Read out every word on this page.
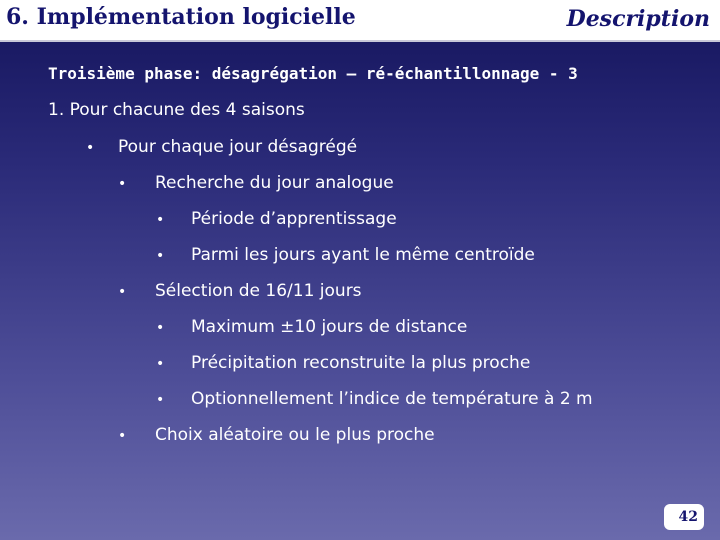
6. Implémentation logicielle	Description
Troisième phase: désagrégation – ré-échantillonnage - 3
1. Pour chacune des 4 saisons
• Pour chaque jour désagrégé
• Recherche du jour analogue
• Période d’apprentissage
• Parmi les jours ayant le même centroïde
• Sélection de 16/11 jours
• Maximum ±10 jours de distance
• Précipitation reconstruite la plus proche
• Optionnellement l’indice de température à 2 m
• Choix aléatoire ou le plus proche
42
